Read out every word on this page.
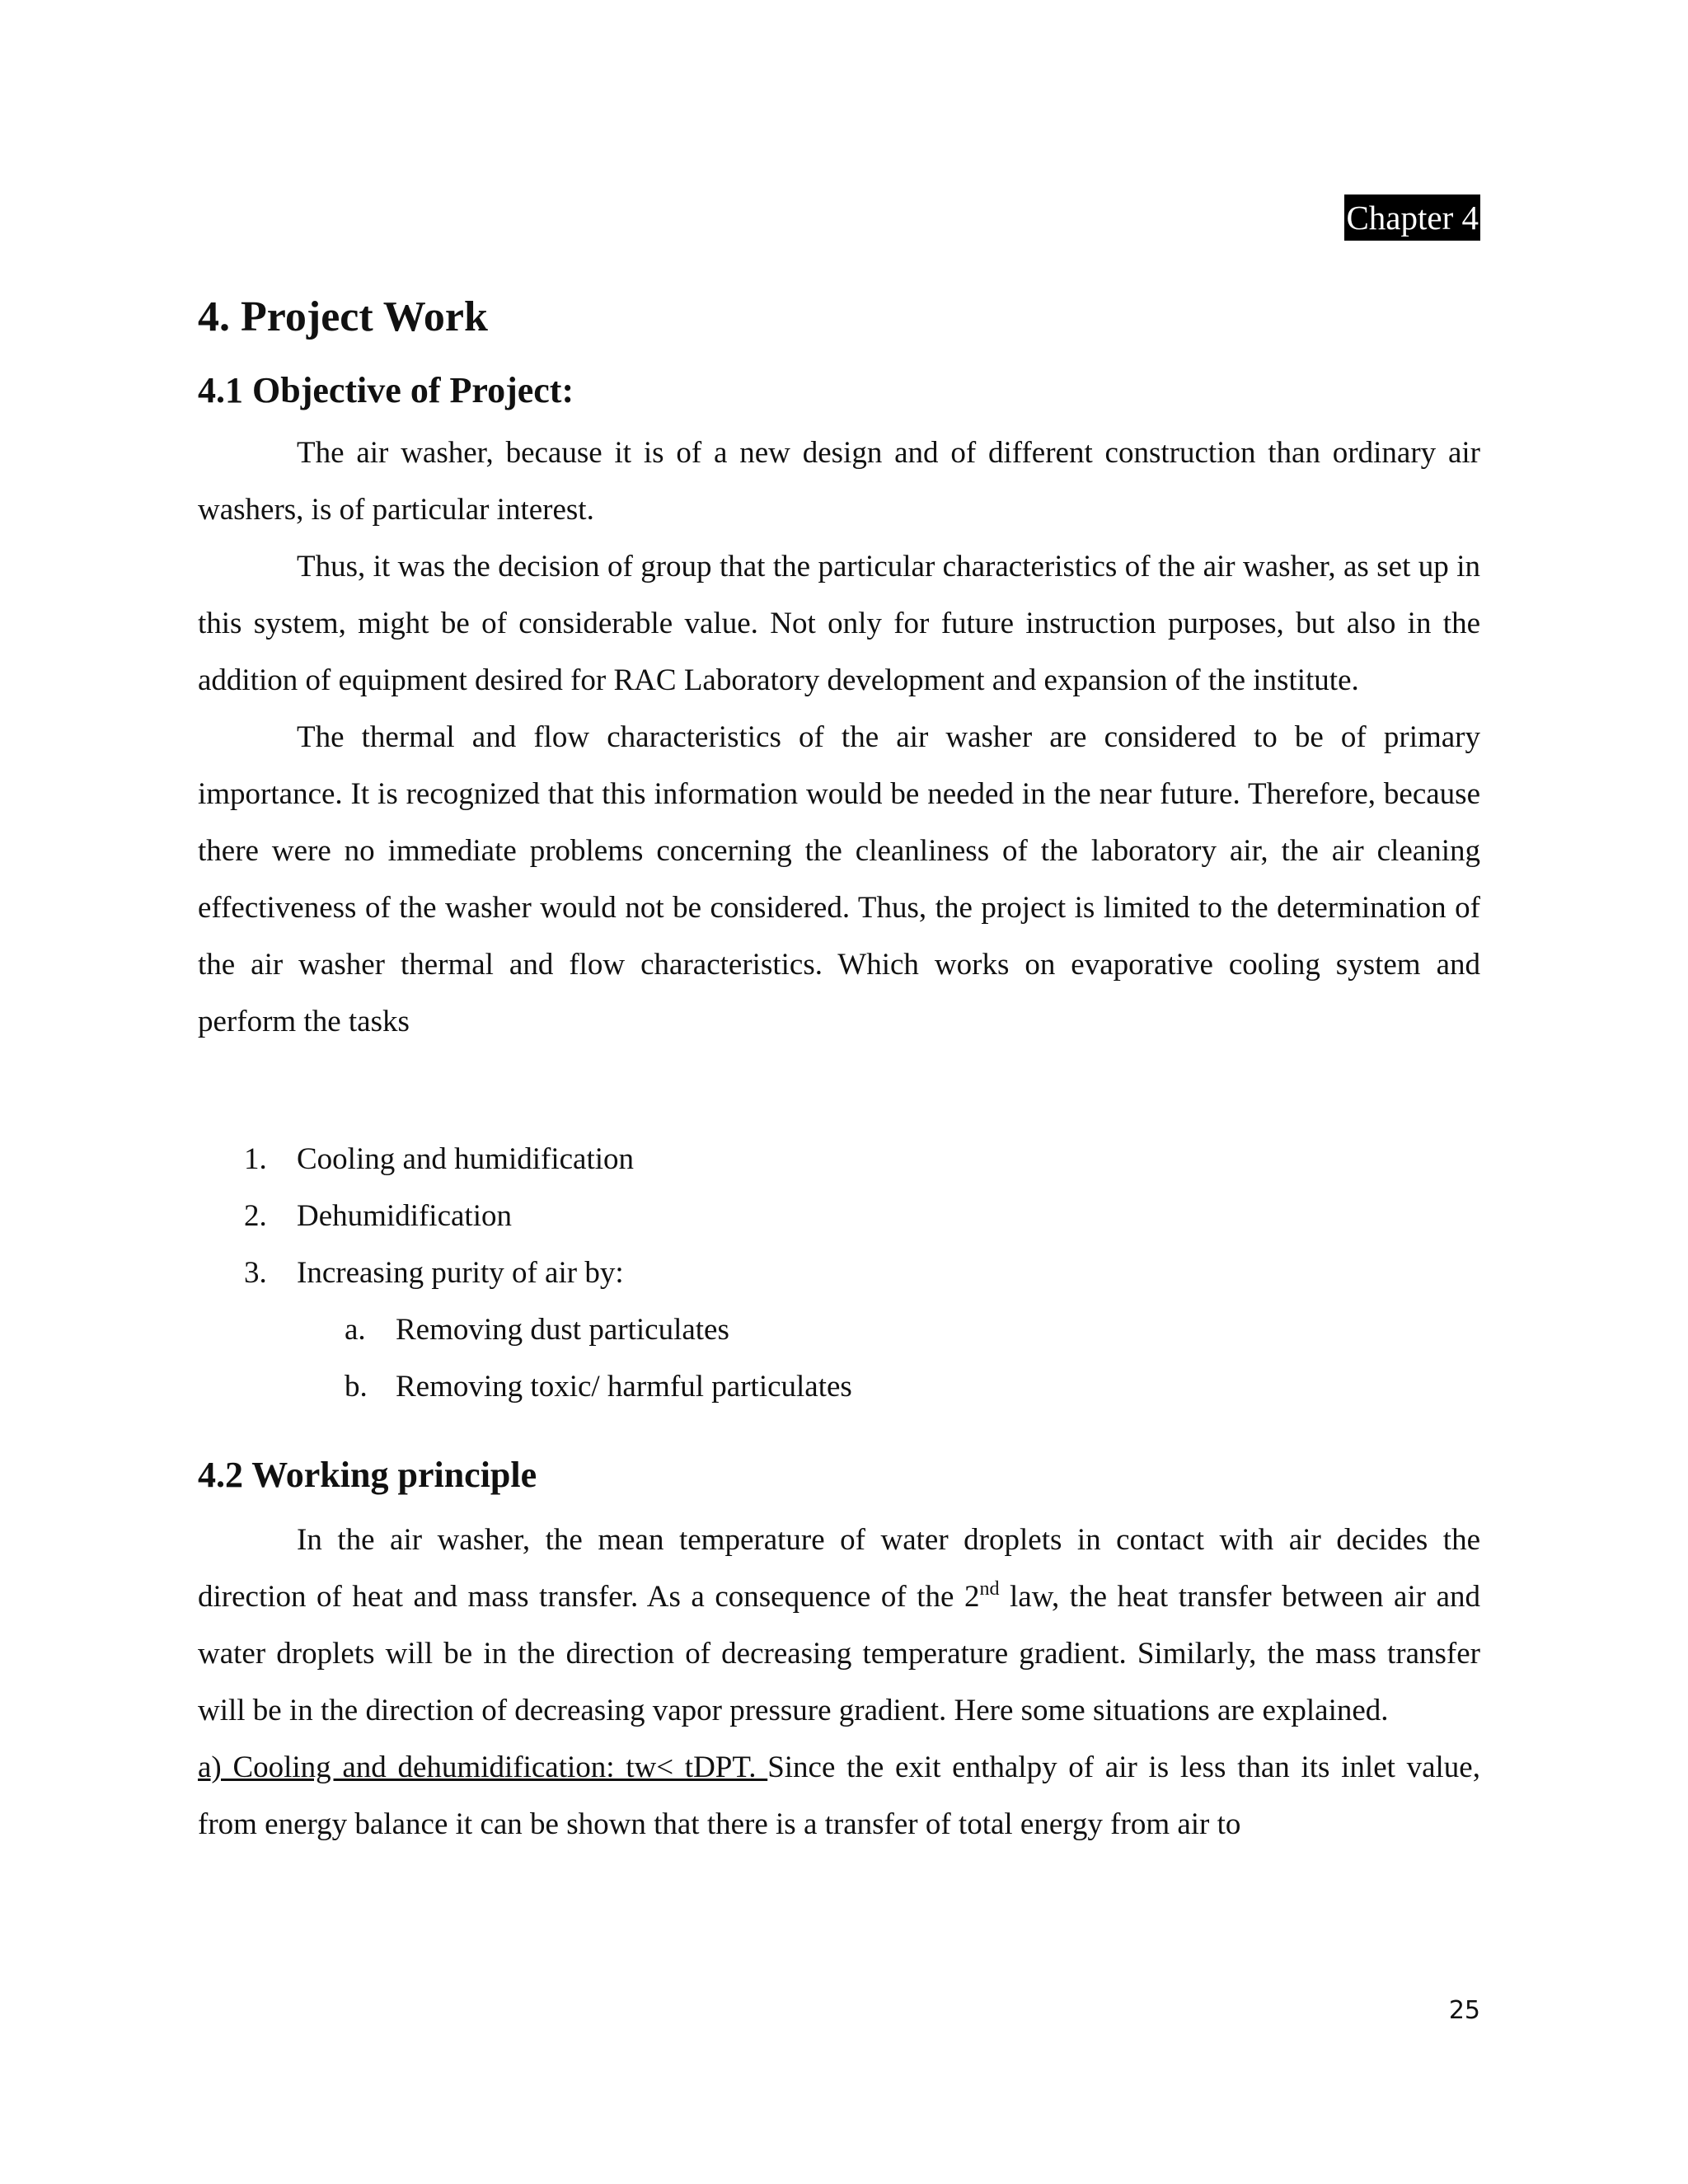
Chapter 4
4. Project Work
4.1 Objective of Project:

The air washer, because it is of a new design and of different construction than ordinary air washers, is of particular interest.

Thus, it was the decision of group that the particular characteristics of the air washer, as set up in this system, might be of considerable value. Not only for future instruction purposes, but also in the addition of equipment desired for RAC Laboratory development and expansion of the institute.

The thermal and flow characteristics of the air washer are considered to be of primary importance. It is recognized that this information would be needed in the near future. Therefore, because there were no immediate problems concerning the cleanliness of the laboratory air, the air cleaning effectiveness of the washer would not be considered. Thus, the project is limited to the determination of the air washer thermal and flow characteristics. Which works on evaporative cooling system and perform the tasks

1. Cooling and humidification
2. Dehumidification
3. Increasing purity of air by:
a. Removing dust particulates
b. Removing toxic/ harmful particulates
4.2 Working principle

In the air washer, the mean temperature of water droplets in contact with air decides the direction of heat and mass transfer. As a consequence of the 2nd law, the heat transfer between air and water droplets will be in the direction of decreasing temperature gradient. Similarly, the mass transfer will be in the direction of decreasing vapor pressure gradient. Here some situations are explained.

a) Cooling and dehumidification: tw< tDPT. Since the exit enthalpy of air is less than its inlet value, from energy balance it can be shown that there is a transfer of total energy from air to

25
